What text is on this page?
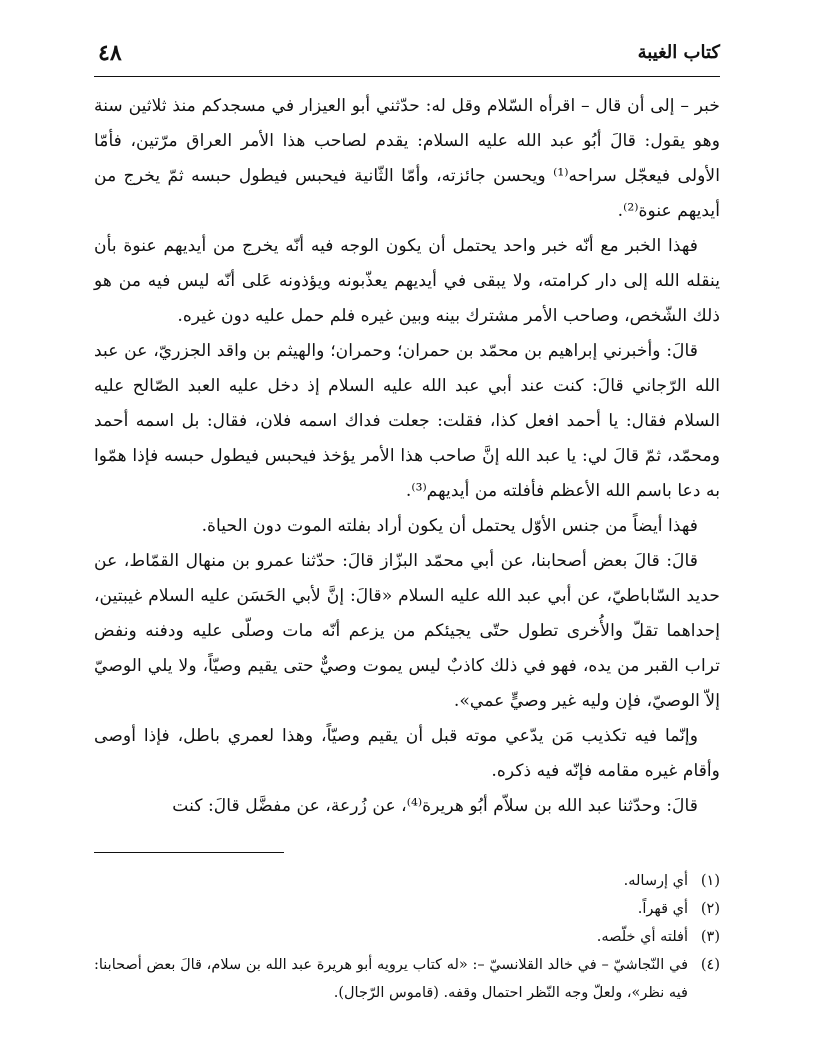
كتاب الغيبة
٤٨

خبر – إلى أن قال – اقرأه السّلام وقل له: حدّثني أبو العيزار في مسجدكم منذ ثلاثين سنة وهو يقول: قالَ أبُو عبد الله عليه السلام: يقدم لصاحب هذا الأمر العراق مرّتين، فأمّا الأولى فيعجّل سراحه⁽¹⁾ ويحسن جائزته، وأمّا الثّانية فيحبس فيطول حبسه ثمّ يخرج من أيديهم عنوة⁽²⁾.

فهذا الخبر مع أنّه خبر واحد يحتمل أن يكون الوجه فيه أنّه يخرج من أيديهم عنوة بأن ينقله الله إلى دار كرامته، ولا يبقى في أيديهم يعذّبونه ويؤذونه عَلى أنّه ليس فيه من هو ذلك الشّخص، وصاحب الأمر مشترك بينه وبين غيره فلم حمل عليه دون غيره.

قالَ: وأخبرني إبراهيم بن محمّد بن حمران؛ وحمران؛ والهيثم بن واقد الجزريّ، عن عبد الله الرّجاني قالَ: كنت عند أبي عبد الله عليه السلام إذ دخل عليه العبد الصّالح عليه السلام فقال: يا أحمد افعل كذا، فقلت: جعلت فداك اسمه فلان، فقال: بل اسمه أحمد ومحمّد، ثمّ قالَ لي: يا عبد الله إنَّ صاحب هذا الأمر يؤخذ فيحبس فيطول حبسه فإذا همّوا به دعا باسم الله الأعظم فأفلته من أيديهم⁽³⁾.

فهذا أيضاً من جنس الأوّل يحتمل أن يكون أراد بفلته الموت دون الحياة.

قالَ: قالَ بعض أصحابنا، عن أبي محمّد البزّاز قالَ: حدّثنا عمرو بن منهال القمّاط، عن حديد السّاباطيّ، عن أبي عبد الله عليه السلام «قالَ: إنَّ لأبي الحَسَن عليه السلام غيبتين، إحداهما تقلّ والأُخرى تطول حتّى يجيئكم من يزعم أنّه مات وصلّى عليه ودفنه ونفض تراب القبر من يده، فهو في ذلك كاذبٌ ليس يموت وصيٌّ حتى يقيم وصيّاً، ولا يلي الوصيّ إلاّ الوصيّ، فإن وليه غير وصيٍّ عمي».

وإنّما فيه تكذيب مَن يدّعي موته قبل أن يقيم وصيّاً، وهذا لعمري باطل، فإذا أوصى وأقام غيره مقامه فإنّه فيه ذكره.

قالَ: وحدّثنا عبد الله بن سلاّم أبُو هريرة⁽⁴⁾، عن زُرعة، عن مفضَّل قالَ: كنت

(١)
أي إرساله.
(٢)
أي قهراً.
(٣)
أفلته أي خلّصه.
(٤)
في النّجاشيّ – في خالد القلانسيّ –: «له كتاب يرويه أبو هريرة عبد الله بن سلام، قالَ بعض أصحابنا: فيه نظر»، ولعلّ وجه النّظر احتمال وقفه. (قاموس الرّجال).
